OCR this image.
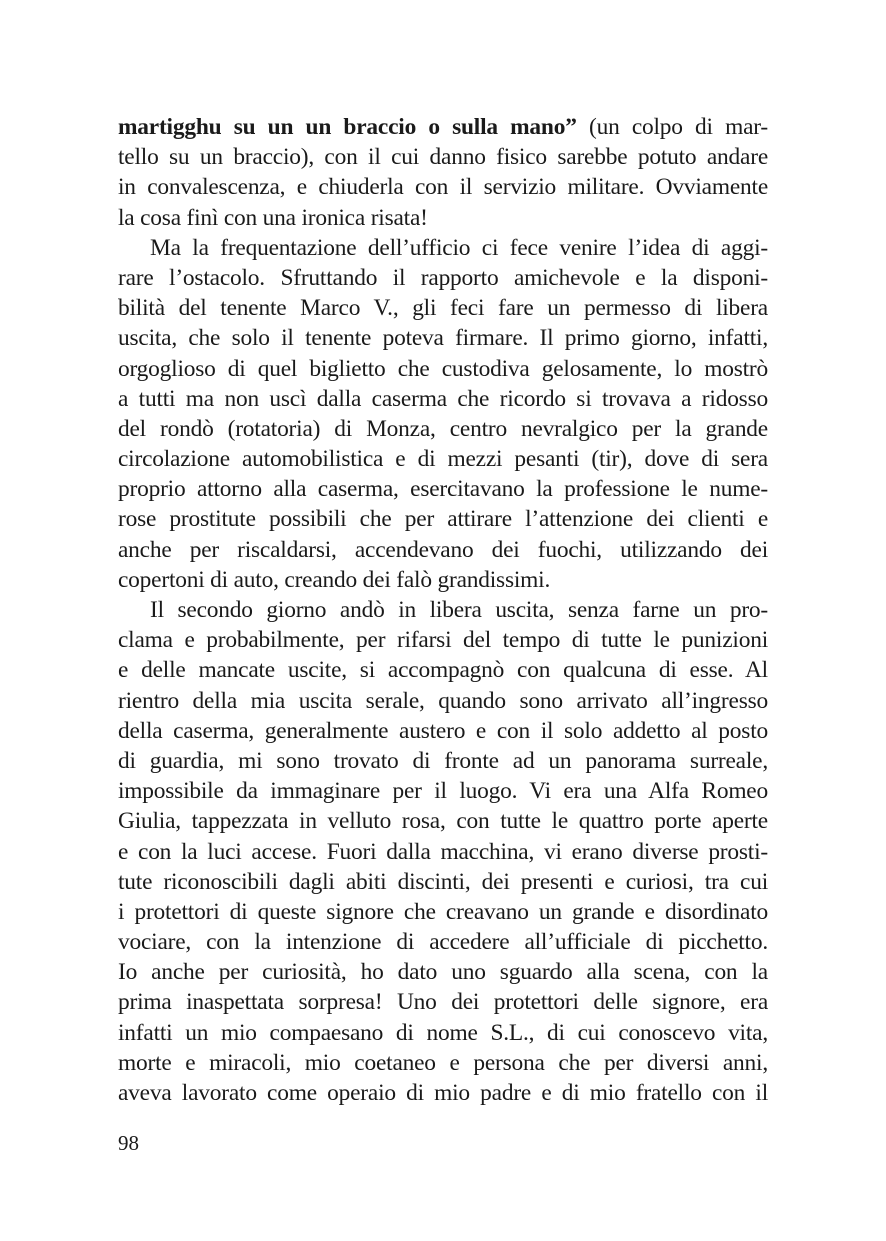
martigghu su un un braccio o sulla mano” (un colpo di mar-
tello su un braccio), con il cui danno fisico sarebbe potuto andare
in convalescenza, e chiuderla con il servizio militare. Ovviamente
la cosa finì con una ironica risata!
Ma la frequentazione dell’ufficio ci fece venire l’idea di aggi-
rare l’ostacolo. Sfruttando il rapporto amichevole e la disponi-
bilità del tenente Marco V., gli feci fare un permesso di libera
uscita, che solo il tenente poteva firmare. Il primo giorno, infatti,
orgoglioso di quel biglietto che custodiva gelosamente, lo mostrò
a tutti ma non uscì dalla caserma che ricordo si trovava a ridosso
del rondò (rotatoria) di Monza, centro nevralgico per la grande
circolazione automobilistica e di mezzi pesanti (tir), dove di sera
proprio attorno alla caserma, esercitavano la professione le nume-
rose prostitute possibili che per attirare l’attenzione dei clienti e
anche per riscaldarsi, accendevano dei fuochi, utilizzando dei
copertoni di auto, creando dei falò grandissimi.
Il secondo giorno andò in libera uscita, senza farne un pro-
clama e probabilmente, per rifarsi del tempo di tutte le punizioni
e delle mancate uscite, si accompagnò con qualcuna di esse. Al
rientro della mia uscita serale, quando sono arrivato all’ingresso
della caserma, generalmente austero e con il solo addetto al posto
di guardia, mi sono trovato di fronte ad un panorama surreale,
impossibile da immaginare per il luogo. Vi era una Alfa Romeo
Giulia, tappezzata in velluto rosa, con tutte le quattro porte aperte
e con la luci accese. Fuori dalla macchina, vi erano diverse prosti-
tute riconoscibili dagli abiti discinti, dei presenti e curiosi, tra cui
i protettori di queste signore che creavano un grande e disordinato
vociare, con la intenzione di accedere all’ufficiale di picchetto.
Io anche per curiosità, ho dato uno sguardo alla scena, con la
prima inaspettata sorpresa! Uno dei protettori delle signore, era
infatti un mio compaesano di nome S.L., di cui conoscevo vita,
morte e miracoli, mio coetaneo e persona che per diversi anni,
aveva lavorato come operaio di mio padre e di mio fratello con il
98
